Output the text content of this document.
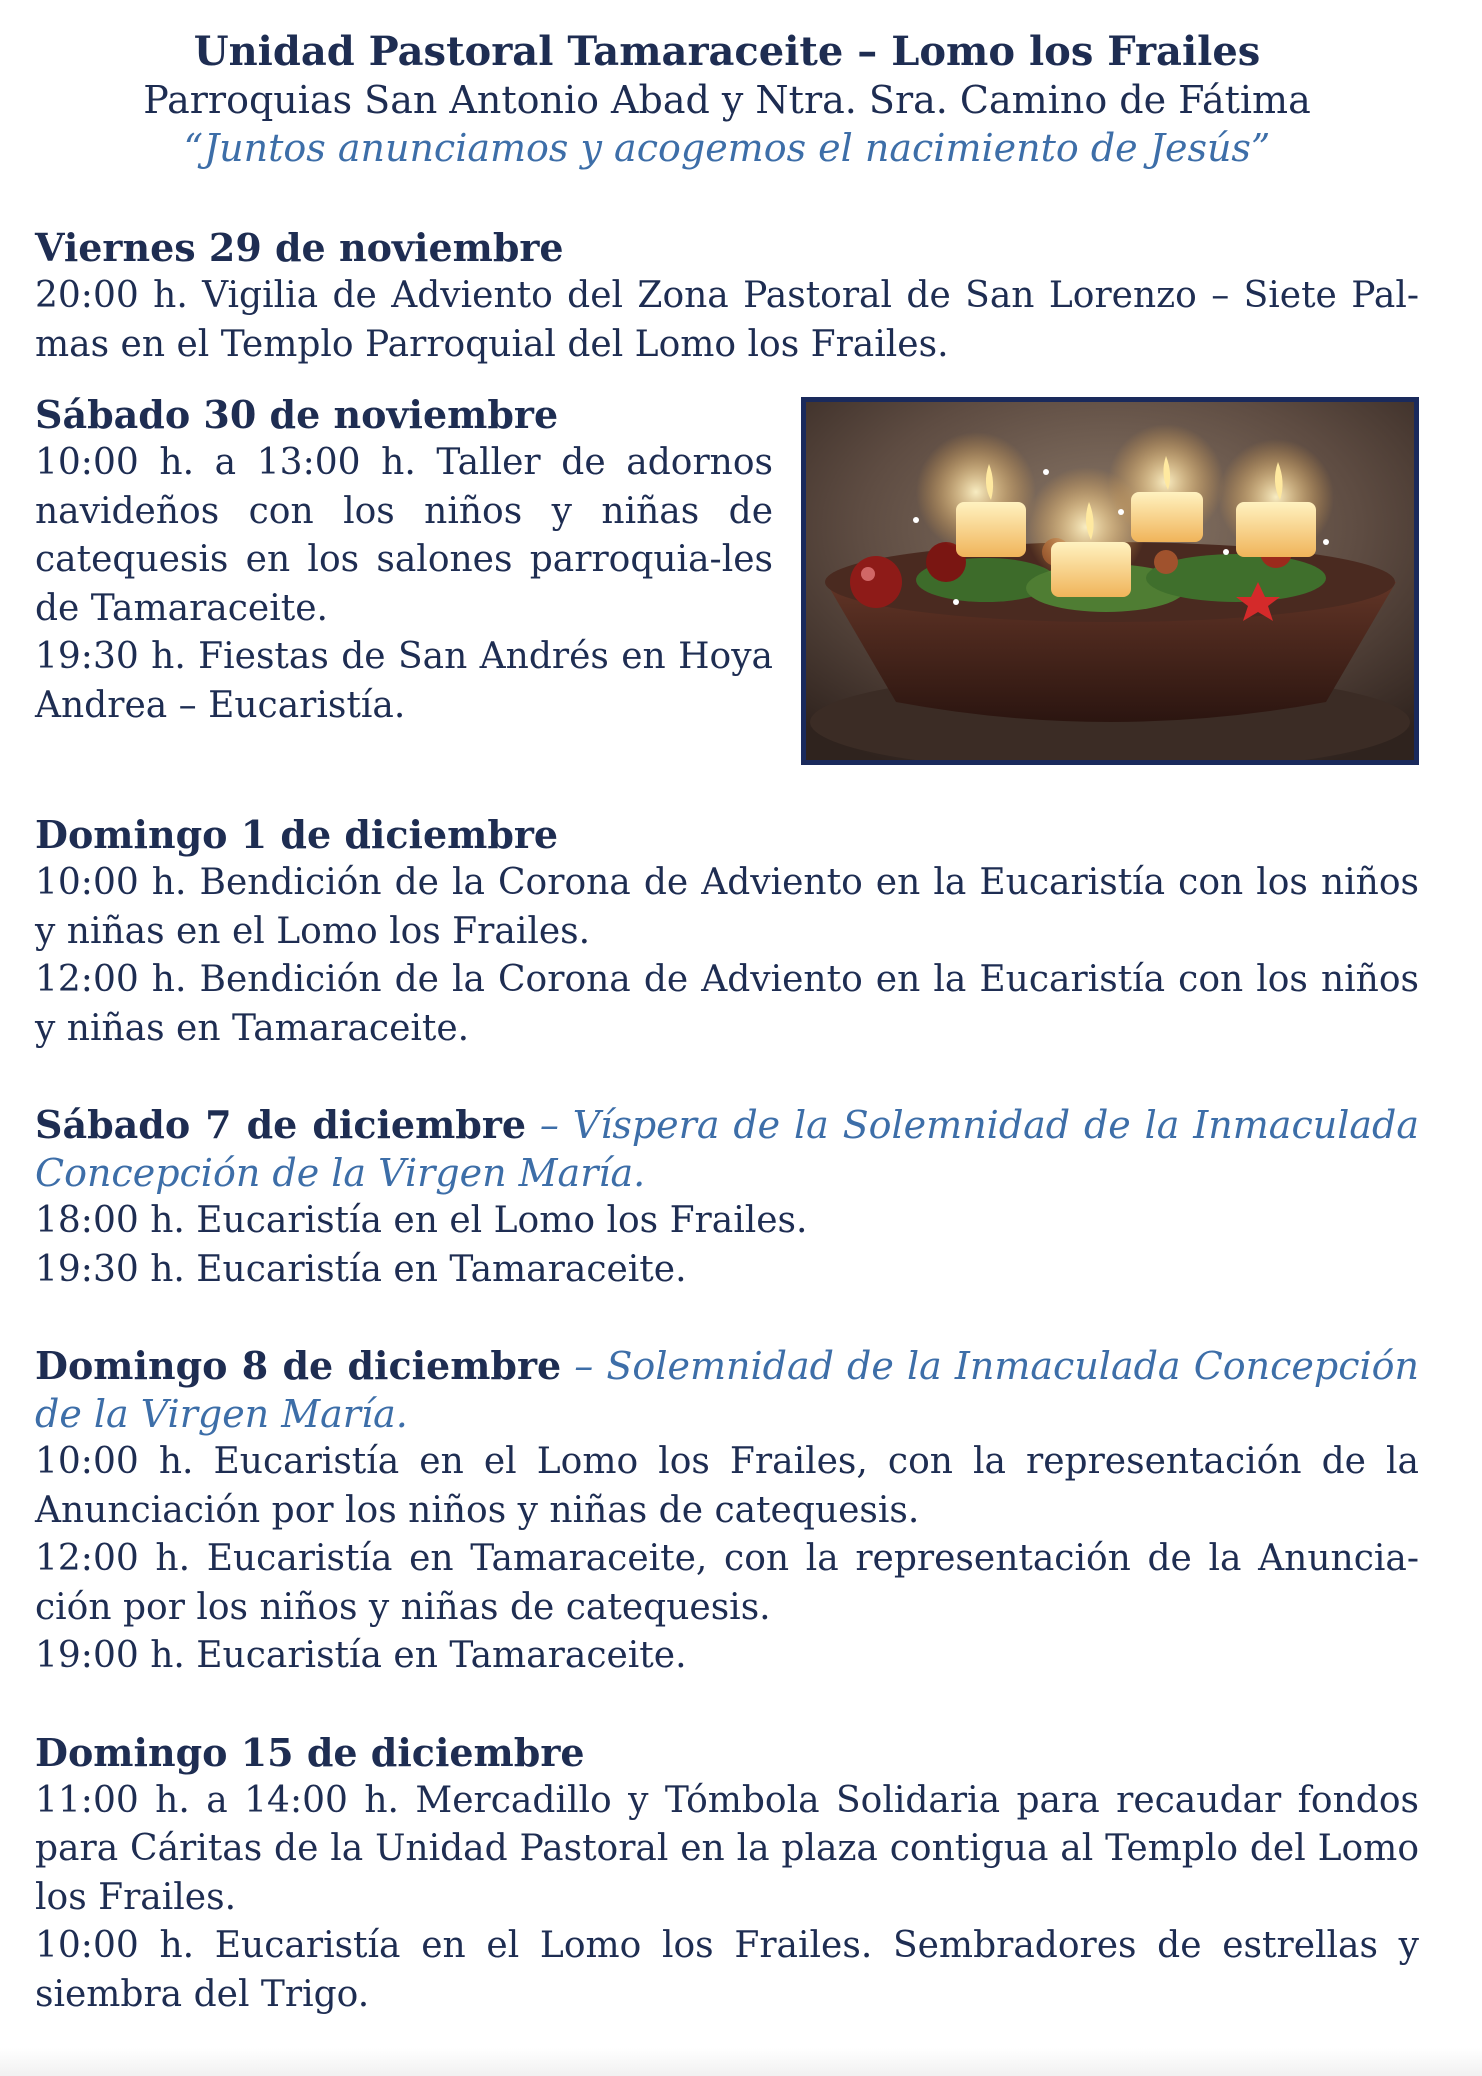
Unidad Pastoral Tamaraceite – Lomo los Frailes
Parroquias San Antonio Abad y Ntra. Sra. Camino de Fátima
“Juntos anunciamos y acogemos el nacimiento de Jesús”
Viernes 29 de noviembre
20:00 h. Vigilia de Adviento del Zona Pastoral de San Lorenzo – Siete Pal-mas en el Templo Parroquial del Lomo los Frailes.
Sábado 30 de noviembre
10:00 h. a 13:00 h. Taller de adornos navideños con los niños y niñas de catequesis en los salones parroquia-les de Tamaraceite.
19:30 h. Fiestas de San Andrés en Hoya Andrea – Eucaristía.
Domingo 1 de diciembre
10:00 h. Bendición de la Corona de Adviento en la Eucaristía con los niños y niñas en el Lomo los Frailes.
12:00 h. Bendición de la Corona de Adviento en la Eucaristía con los niños y niñas en Tamaraceite.
Sábado 7 de diciembre – Víspera de la Solemnidad de la Inmaculada Concepción de la Virgen María.
18:00 h. Eucaristía en el Lomo los Frailes.
19:30 h. Eucaristía en Tamaraceite.
Domingo 8 de diciembre – Solemnidad de la Inmaculada Concepción de la Virgen María.
10:00 h. Eucaristía en el Lomo los Frailes, con la representación de la Anunciación por los niños y niñas de catequesis.
12:00 h. Eucaristía en Tamaraceite, con la representación de la Anuncia-ción por los niños y niñas de catequesis.
19:00 h. Eucaristía en Tamaraceite.
Domingo 15 de diciembre
11:00 h. a 14:00 h. Mercadillo y Tómbola Solidaria para recaudar fondos para Cáritas de la Unidad Pastoral en la plaza contigua al Templo del Lomo los Frailes.
10:00 h. Eucaristía en el Lomo los Frailes. Sembradores de estrellas y siembra del Trigo.
